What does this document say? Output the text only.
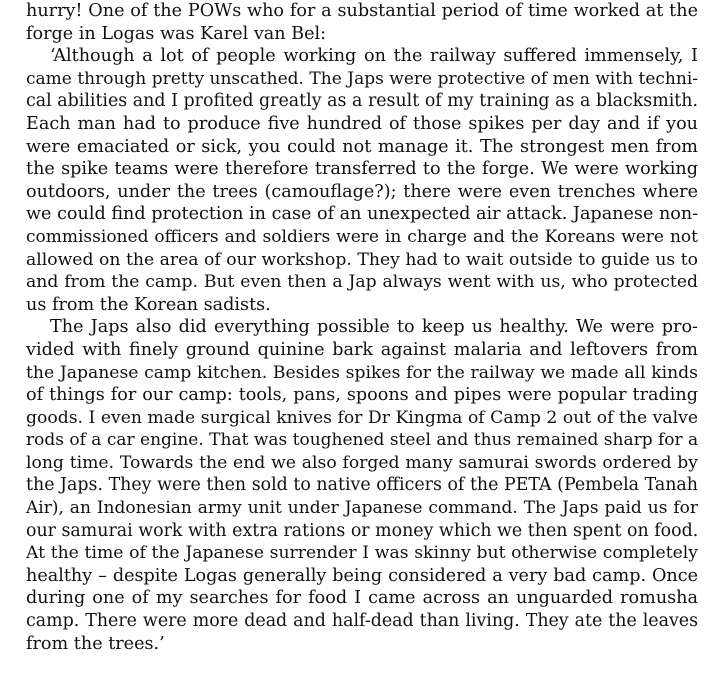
hurry! One of the POWs who for a substantial period of time worked at the
forge in Logas was Karel van Bel:
‘Although a lot of people working on the railway suffered immensely, I
came through pretty unscathed. The Japs were protective of men with techni-
cal abilities and I profited greatly as a result of my training as a blacksmith.
Each man had to produce five hundred of those spikes per day and if you
were emaciated or sick, you could not manage it. The strongest men from
the spike teams were therefore transferred to the forge. We were working
outdoors, under the trees (camouflage?); there were even trenches where
we could find protection in case of an unexpected air attack. Japanese non-
commissioned officers and soldiers were in charge and the Koreans were not
allowed on the area of our workshop. They had to wait outside to guide us to
and from the camp. But even then a Jap always went with us, who protected
us from the Korean sadists.
The Japs also did everything possible to keep us healthy. We were pro-
vided with finely ground quinine bark against malaria and leftovers from
the Japanese camp kitchen. Besides spikes for the railway we made all kinds
of things for our camp: tools, pans, spoons and pipes were popular trading
goods. I even made surgical knives for Dr Kingma of Camp 2 out of the valve
rods of a car engine. That was toughened steel and thus remained sharp for a
long time. Towards the end we also forged many samurai swords ordered by
the Japs. They were then sold to native officers of the PETA (Pembela Tanah
Air), an Indonesian army unit under Japanese command. The Japs paid us for
our samurai work with extra rations or money which we then spent on food.
At the time of the Japanese surrender I was skinny but otherwise completely
healthy – despite Logas generally being considered a very bad camp. Once
during one of my searches for food I came across an unguarded romusha
camp. There were more dead and half-dead than living. They ate the leaves
from the trees.’
